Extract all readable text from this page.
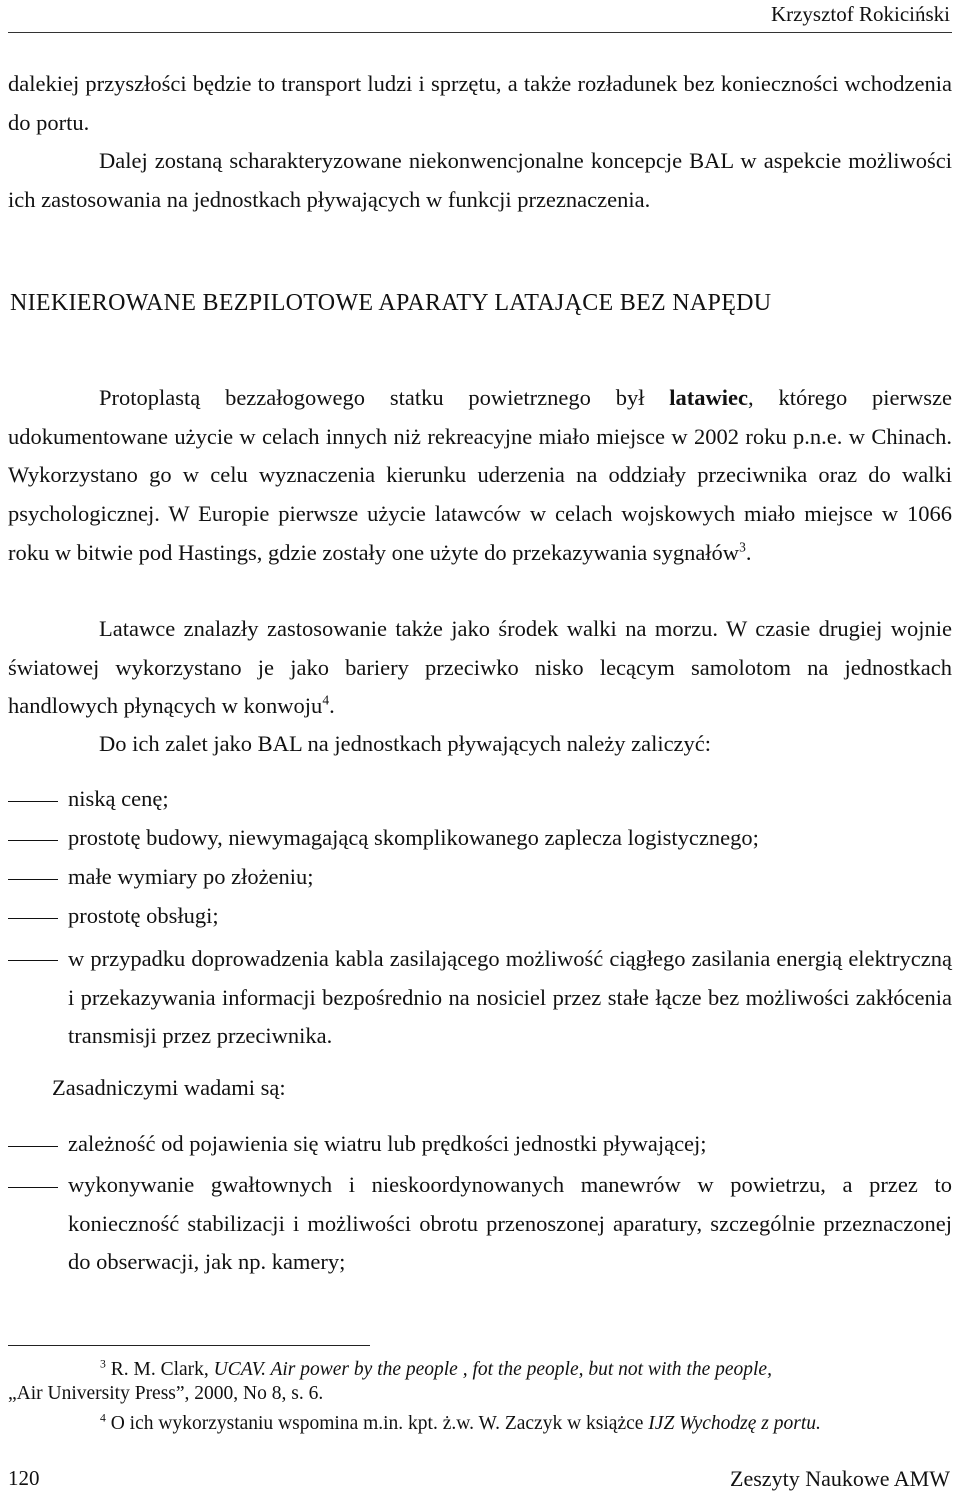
Krzysztof Rokiciński

dalekiej przyszłości będzie to transport ludzi i sprzętu, a także rozładunek bez konieczności wchodzenia do portu.

Dalej zostaną scharakteryzowane niekonwencjonalne koncepcje BAL w aspekcie możliwości ich zastosowania na jednostkach pływających w funkcji przeznaczenia.

NIEKIEROWANE BEZPILOTOWE APARATY LATAJĄCE BEZ NAPĘDU

Protoplastą bezzałogowego statku powietrznego był latawiec, którego pierwsze udokumentowane użycie w celach innych niż rekreacyjne miało miejsce w 2002 roku p.n.e. w Chinach. Wykorzystano go w celu wyznaczenia kierunku uderzenia na oddziały przeciwnika oraz do walki psychologicznej. W Europie pierwsze użycie latawców w celach wojskowych miało miejsce w 1066 roku w bitwie pod Hastings, gdzie zostały one użyte do przekazywania sygnałów$^3$.

Latawce znalazły zastosowanie także jako środek walki na morzu. W czasie drugiej wojnie światowej wykorzystano je jako bariery przeciwko nisko lecącym samolotom na jednostkach handlowych płynących w konwoju$^4$.

Do ich zalet jako BAL na jednostkach pływających należy zaliczyć:

niską cenę;
prostotę budowy, niewymagającą skomplikowanego zaplecza logistycznego;
małe wymiary po złożeniu;
prostotę obsługi;
w przypadku doprowadzenia kabla zasilającego możliwość ciągłego zasilania energią elektryczną i przekazywania informacji bezpośrednio na nosiciel przez stałe łącze bez możliwości zakłócenia transmisji przez przeciwnika.
Zasadniczymi wadami są:
zależność od pojawienia się wiatru lub prędkości jednostki pływającej;
wykonywanie gwałtownych i nieskoordynowanych manewrów w powietrzu, a przez to konieczność stabilizacji i możliwości obrotu przenoszonej aparatury, szczególnie przeznaczonej do obserwacji, jak np. kamery;
$^3$ R. M. Clark, UCAV. Air power by the people , fot the people, but not with the people,
„Air University Press”, 2000, No 8, s. 6.
$^4$ O ich wykorzystaniu wspomina m.in. kpt. ż.w. W. Zaczyk w książce IJZ Wychodzę z portu.
120	Zeszyty Naukowe AMW
